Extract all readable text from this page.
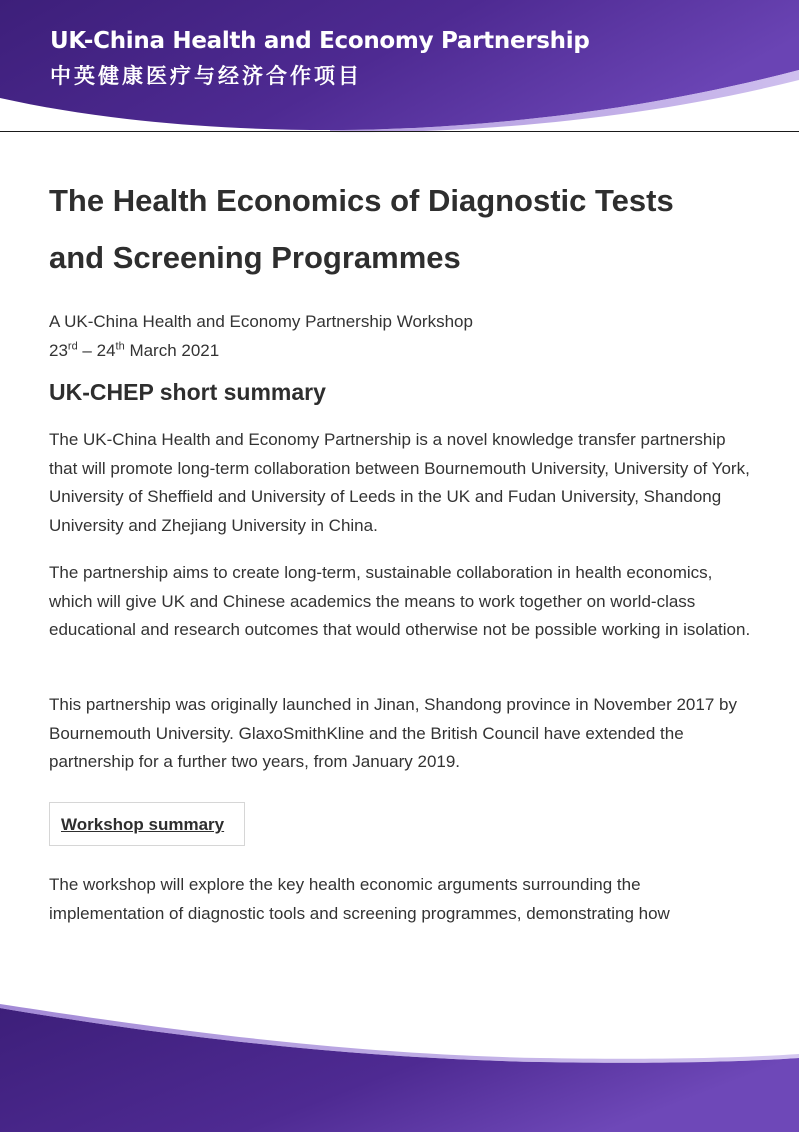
UK-China Health and Economy Partnership
中英健康医疗与经济合作项目
The Health Economics of Diagnostic Tests
and Screening Programmes
A UK-China Health and Economy Partnership Workshop
23rd – 24th March 2021
UK-CHEP short summary

The UK-China Health and Economy Partnership is a novel knowledge transfer partnership that will promote long-term collaboration between Bournemouth University, University of York, University of Sheffield and University of Leeds in the UK and Fudan University, Shandong University and Zhejiang University in China.

The partnership aims to create long-term, sustainable collaboration in health economics, which will give UK and Chinese academics the means to work together on world-class educational and research outcomes that would otherwise not be possible working in isolation.

This partnership was originally launched in Jinan, Shandong province in November 2017 by Bournemouth University. GlaxoSmithKline and the British Council have extended the partnership for a further two years, from January 2019.

Workshop summary

The workshop will explore the key health economic arguments surrounding the implementation of diagnostic tools and screening programmes, demonstrating how
